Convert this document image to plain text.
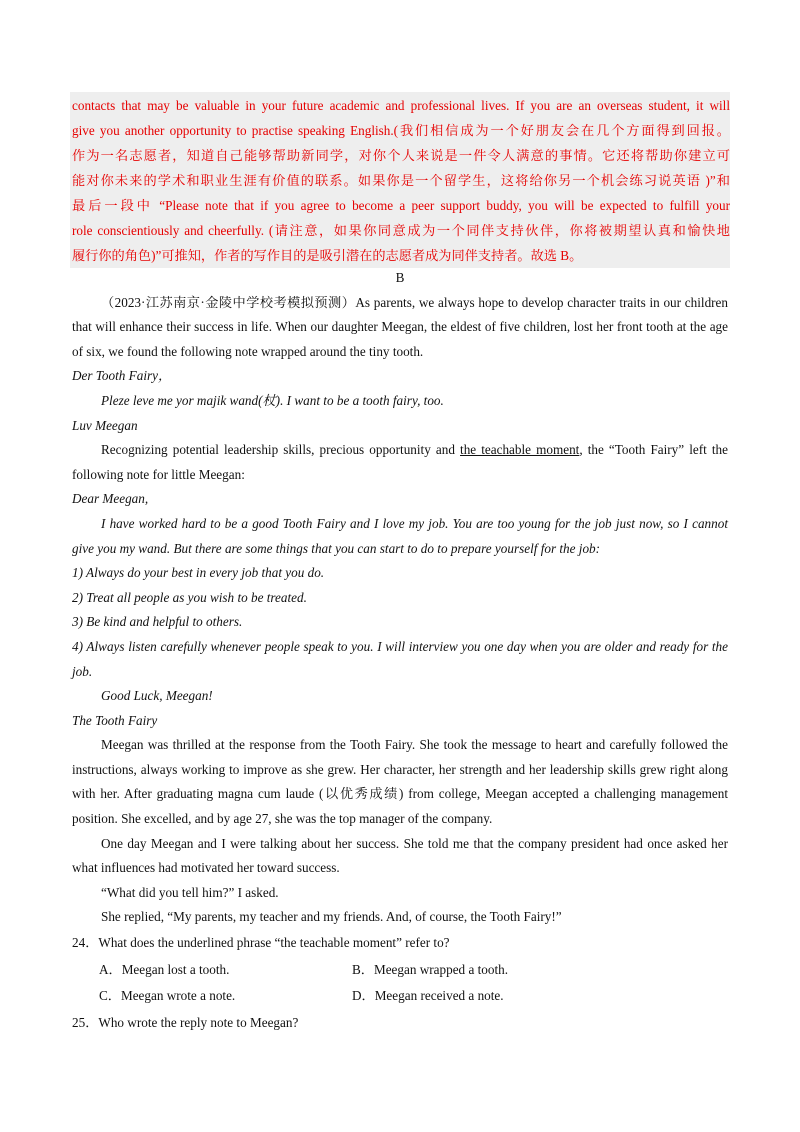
contacts that may be valuable in your future academic and professional lives. If you are an overseas student, it will
give you another opportunity to practise speaking English.(我们相信成为一个好朋友会在几个方面得到回报。
作为一名志愿者，知道自己能够帮助新同学，对你个人来说是一件令人满意的事情。它还将帮助你建立可
能对你未来的学术和职业生涯有价值的联系。如果你是一个留学生，这将给你另一个机会练习说英语 )”和
最后一段中 “Please note that if you agree to become a peer support buddy, you will be expected to fulfill your
role conscientiously and cheerfully. (请注意，如果你同意成为一个同伴支持伙伴，你将被期望认真和愉快地
履行你的角色)”可推知，作者的写作目的是吸引潜在的志愿者成为同伴支持者。故选 B。

B

（2023·江苏南京·金陵中学校考模拟预测）As parents, we always hope to develop character traits in our children that will enhance their success in life. When our daughter Meegan, the eldest of five children, lost her front tooth at the age of six, we found the following note wrapped around the tiny tooth.

Der Tooth Fairy，

Pleze leve me yor majik wand(杖). I want to be a tooth fairy, too.

Luv Meegan

Recognizing potential leadership skills, precious opportunity and the teachable moment, the “Tooth Fairy” left the following note for little Meegan:

Dear Meegan,

I have worked hard to be a good Tooth Fairy and I love my job. You are too young for the job just now, so I cannot give you my wand. But there are some things that you can start to do to prepare yourself for the job:

1) Always do your best in every job that you do.

2) Treat all people as you wish to be treated.

3) Be kind and helpful to others.

4) Always listen carefully whenever people speak to you. I will interview you one day when you are older and ready for the job.

Good Luck, Meegan!

The Tooth Fairy

Meegan was thrilled at the response from the Tooth Fairy. She took the message to heart and carefully followed the instructions, always working to improve as she grew. Her character, her strength and her leadership skills grew right along with her. After graduating magna cum laude (以优秀成绩) from college, Meegan accepted a challenging management position. She excelled, and by age 27, she was the top manager of the company.

One day Meegan and I were talking about her success. She told me that the company president had once asked her what influences had motivated her toward success.

“What did you tell him?” I asked.

She replied, “My parents, my teacher and my friends. And, of course, the Tooth Fairy!”

24．What does the underlined phrase “the teachable moment” refer to?

A．Meegan lost a tooth.	B．Meegan wrapped a tooth.
C．Meegan wrote a note.	D．Meegan received a note.

25．Who wrote the reply note to Meegan?
